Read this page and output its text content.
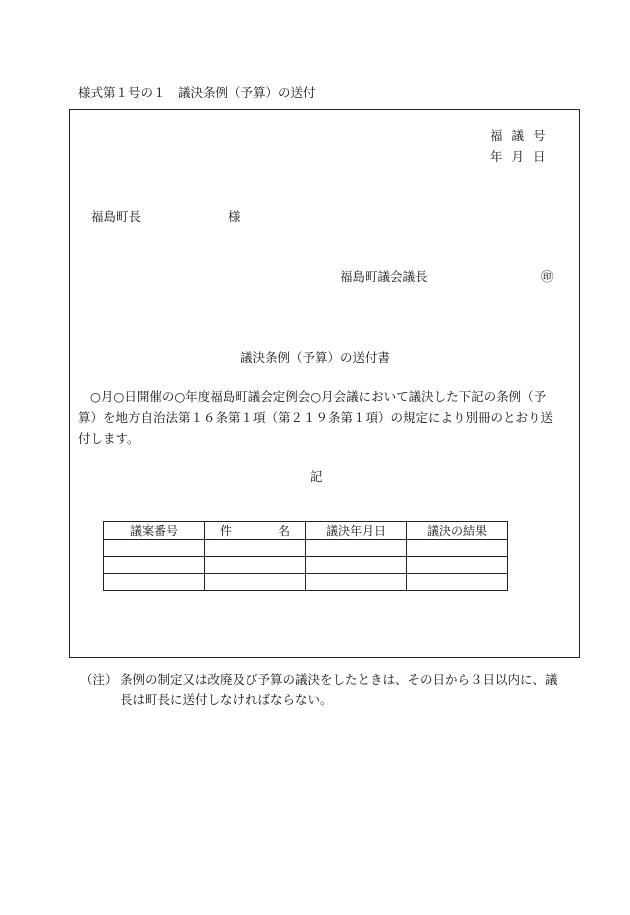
様式第１号の１　議決条例（予算）の送付
福議号
年月日
福島町長	様
福島町議会議長	㊞
議決条例（予算）の送付書
○月○日開催の○年度福島町議会定例会○月会議において議決した下記の条例（予算）を地方自治法第１６条第１項（第２１９条第１項）の規定により別冊のとおり送付します。
記
議案番号	件 名	議決年月日	議決の結果

（注） 条例の制定又は改廃及び予算の議決をしたときは、その日から３日以内に、議長は町長に送付しなければならない。
